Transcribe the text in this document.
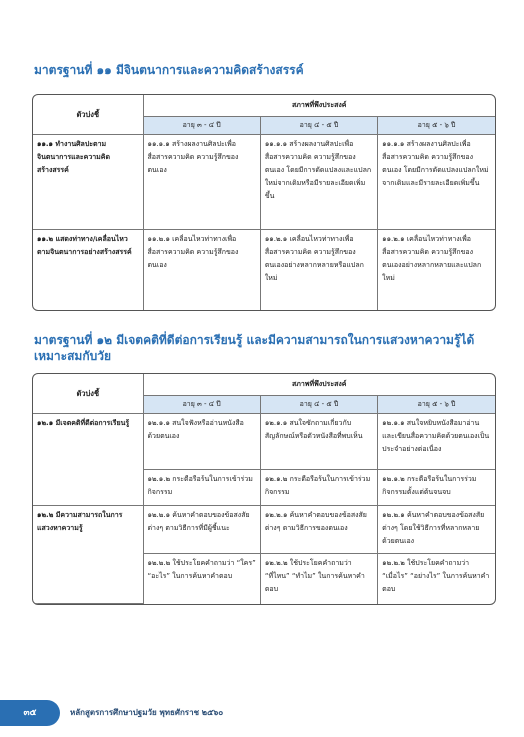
มาตรฐานที่ ๑๑ มีจินตนาการและความคิดสร้างสรรค์
ตัวบ่งชี้	สภาพที่พึงประสงค์		
	อายุ ๓ - ๔ ปี	อายุ ๔ - ๕ ปี	อายุ ๕ - ๖ ปี
๑๑.๑ ทำงานศิลปะตามจินตนาการและความคิดสร้างสรรค์	๑๑.๑.๑ สร้างผลงานศิลปะเพื่อสื่อสารความคิด ความรู้สึกของตนเอง	๑๑.๑.๑ สร้างผลงานศิลปะเพื่อสื่อสารความคิด ความรู้สึกของตนเอง โดยมีการดัดแปลงและแปลกใหม่จากเดิมหรือมีรายละเอียดเพิ่มขึ้น	๑๑.๑.๑ สร้างผลงานศิลปะเพื่อสื่อสารความคิด ความรู้สึกของตนเอง โดยมีการดัดแปลงแปลกใหม่จากเดิมและมีรายละเอียดเพิ่มขึ้น
๑๑.๒ แสดงท่าทาง/เคลื่อนไหวตามจินตนาการอย่างสร้างสรรค์	๑๑.๒.๑ เคลื่อนไหวท่าทางเพื่อสื่อสารความคิด ความรู้สึกของตนเอง	๑๑.๒.๑ เคลื่อนไหวท่าทางเพื่อสื่อสารความคิด ความรู้สึกของตนเองอย่างหลากหลายหรือแปลกใหม่	๑๑.๒.๑ เคลื่อนไหวท่าทางเพื่อสื่อสารความคิด ความรู้สึกของตนเองอย่างหลากหลายและแปลกใหม่
มาตรฐานที่ ๑๒ มีเจตคติที่ดีต่อการเรียนรู้ และมีความสามารถในการแสวงหาความรู้ได้เหมาะสมกับวัย
ตัวบ่งชี้	สภาพที่พึงประสงค์		
	อายุ ๓ - ๔ ปี	อายุ ๔ - ๕ ปี	อายุ ๕ - ๖ ปี
๑๒.๑ มีเจตคติที่ดีต่อการเรียนรู้	๑๒.๑.๑ สนใจฟังหรืออ่านหนังสือด้วยตนเอง	๑๒.๑.๑ สนใจซักถามเกี่ยวกับสัญลักษณ์หรือตัวหนังสือที่พบเห็น	๑๒.๑.๑ สนใจหยิบหนังสือมาอ่านและเขียนสื่อความคิดด้วยตนเองเป็นประจำอย่างต่อเนื่อง
	๑๒.๑.๒ กระตือรือร้นในการเข้าร่วมกิจกรรม	๑๒.๑.๒ กระตือรือร้นในการเข้าร่วมกิจกรรม	๑๒.๑.๒ กระตือรือร้นในการร่วมกิจกรรมตั้งแต่ต้นจนจบ
๑๒.๒ มีความสามารถในการแสวงหาความรู้	๑๒.๒.๑ ค้นหาคำตอบของข้อสงสัยต่างๆ ตามวิธีการที่มีผู้ชี้แนะ	๑๒.๒.๑ ค้นหาคำตอบของข้อสงสัยต่างๆ ตามวิธีการของตนเอง	๑๒.๒.๑ ค้นหาคำตอบของข้อสงสัยต่างๆ โดยใช้วิธีการที่หลากหลายด้วยตนเอง
	๑๒.๒.๒ ใช้ประโยคคำถามว่า “ใคร” “อะไร” ในการค้นหาคำตอบ	๑๒.๒.๒ ใช้ประโยคคำถามว่า “ที่ไหน” “ทำไม” ในการค้นหาคำตอบ	๑๒.๒.๒ ใช้ประโยคคำถามว่า “เมื่อไร” “อย่างไร” ในการค้นหาคำตอบ
๓๕	หลักสูตรการศึกษาปฐมวัย พุทธศักราช ๒๕๖๐
